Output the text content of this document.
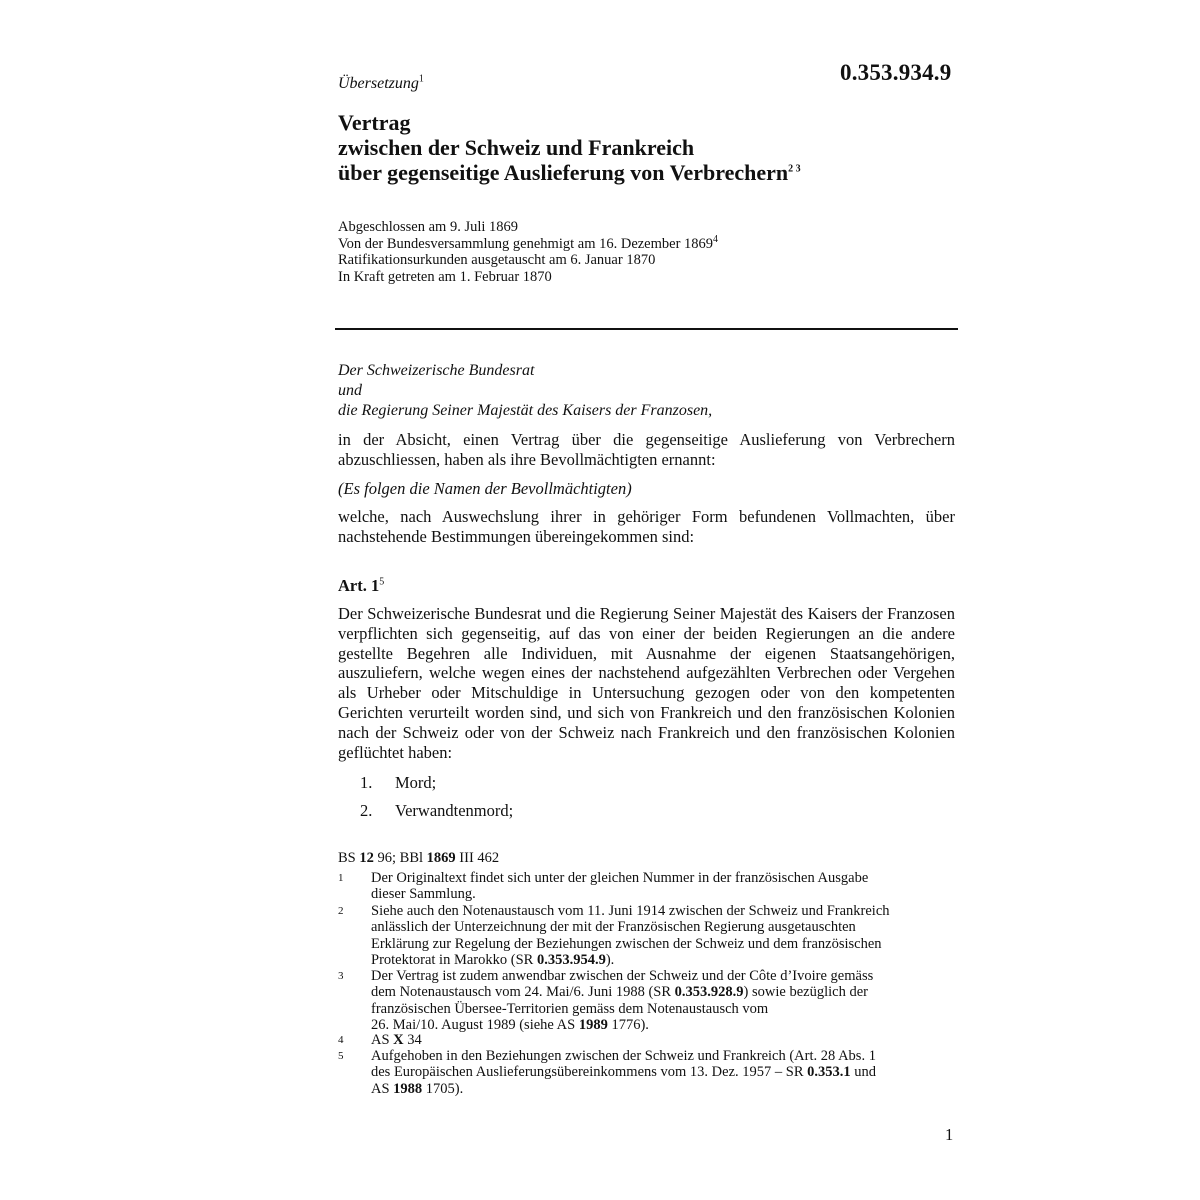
0.353.934.9
Übersetzung$^1$
Vertrag
zwischen der Schweiz und Frankreich
über gegenseitige Auslieferung von Verbrechern$^{2 3}$
Abgeschlossen am 9. Juli 1869
Von der Bundesversammlung genehmigt am 16. Dezember 1869$^4$
Ratifikationsurkunden ausgetauscht am 6. Januar 1870
In Kraft getreten am 1. Februar 1870
Der Schweizerische Bundesrat
und
die Regierung Seiner Majestät des Kaisers der Franzosen,
in der Absicht, einen Vertrag über die gegenseitige Auslieferung von Verbrechern abzuschliessen, haben als ihre Bevollmächtigten ernannt:
(Es folgen die Namen der Bevollmächtigten)
welche, nach Auswechslung ihrer in gehöriger Form befundenen Vollmachten, über nachstehende Bestimmungen übereingekommen sind:
Art. $1^5$
Der Schweizerische Bundesrat und die Regierung Seiner Majestät des Kaisers der Franzosen verpflichten sich gegenseitig, auf das von einer der beiden Regierungen an die andere gestellte Begehren alle Individuen, mit Ausnahme der eigenen Staatsangehörigen, auszuliefern, welche wegen eines der nachstehend aufgezählten Verbrechen oder Vergehen als Urheber oder Mitschuldige in Untersuchung gezogen oder von den kompetenten Gerichten verurteilt worden sind, und sich von Frankreich und den französischen Kolonien nach der Schweiz oder von der Schweiz nach Frankreich und den französischen Kolonien geflüchtet haben:
1. Mord;
2. Verwandtenmord;
BS 12 96; BBl 1869 III 462
1 Der Originaltext findet sich unter der gleichen Nummer in der französischen Ausgabe
dieser Sammlung.
2 Siehe auch den Notenaustausch vom 11. Juni 1914 zwischen der Schweiz und Frankreich
anlässlich der Unterzeichnung der mit der Französischen Regierung ausgetauschten
Erklärung zur Regelung der Beziehungen zwischen der Schweiz und dem französischen
Protektorat in Marokko (SR 0.353.954.9).
3 Der Vertrag ist zudem anwendbar zwischen der Schweiz und der Côte d’Ivoire gemäss
dem Notenaustausch vom 24. Mai/6. Juni 1988 (SR 0.353.928.9) sowie bezüglich der
französischen Übersee-Territorien gemäss dem Notenaustausch vom
26. Mai/10. August 1989 (siehe AS 1989 1776).
4 AS X 34
5 Aufgehoben in den Beziehungen zwischen der Schweiz und Frankreich (Art. 28 Abs. 1
des Europäischen Auslieferungsübereinkommens vom 13. Dez. 1957 – SR 0.353.1 und
AS 1988 1705).
1
